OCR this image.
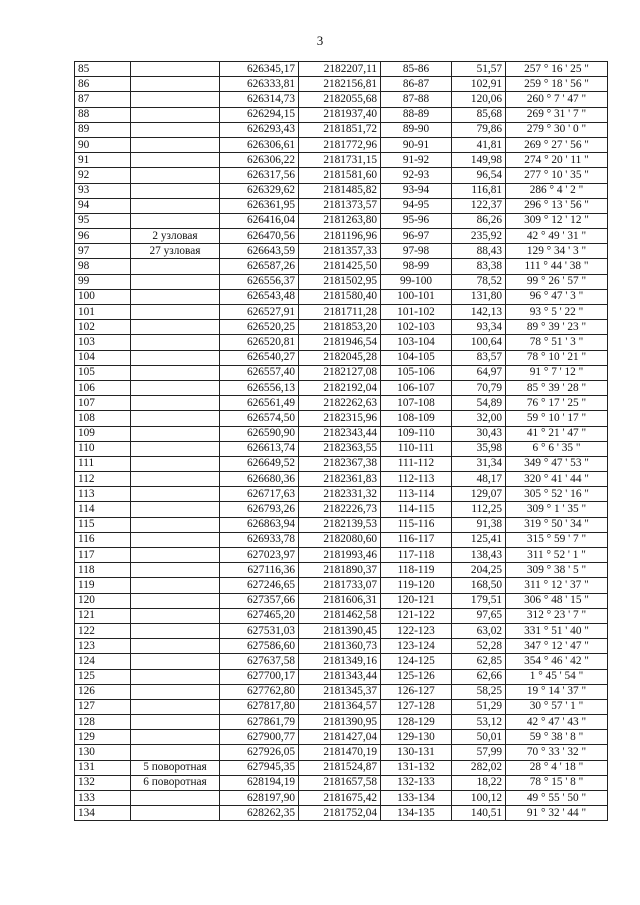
3
85		626345,17	2182207,11	85-86	51,57	257 ° 16 ' 25 "
86		626333,81	2182156,81	86-87	102,91	259 ° 18 ' 56 "
87		626314,73	2182055,68	87-88	120,06	260 ° 7 ' 47 "
88		626294,15	2181937,40	88-89	85,68	269 ° 31 ' 7 "
89		626293,43	2181851,72	89-90	79,86	279 ° 30 ' 0 "
90		626306,61	2181772,96	90-91	41,81	269 ° 27 ' 56 "
91		626306,22	2181731,15	91-92	149,98	274 ° 20 ' 11 "
92		626317,56	2181581,60	92-93	96,54	277 ° 10 ' 35 "
93		626329,62	2181485,82	93-94	116,81	286 ° 4 ' 2 "
94		626361,95	2181373,57	94-95	122,37	296 ° 13 ' 56 "
95		626416,04	2181263,80	95-96	86,26	309 ° 12 ' 12 "
96	2 узловая	626470,56	2181196,96	96-97	235,92	42 ° 49 ' 31 "
97	27 узловая	626643,59	2181357,33	97-98	88,43	129 ° 34 ' 3 "
98		626587,26	2181425,50	98-99	83,38	111 ° 44 ' 38 "
99		626556,37	2181502,95	99-100	78,52	99 ° 26 ' 57 "
100		626543,48	2181580,40	100-101	131,80	96 ° 47 ' 3 "
101		626527,91	2181711,28	101-102	142,13	93 ° 5 ' 22 "
102		626520,25	2181853,20	102-103	93,34	89 ° 39 ' 23 "
103		626520,81	2181946,54	103-104	100,64	78 ° 51 ' 3 "
104		626540,27	2182045,28	104-105	83,57	78 ° 10 ' 21 "
105		626557,40	2182127,08	105-106	64,97	91 ° 7 ' 12 "
106		626556,13	2182192,04	106-107	70,79	85 ° 39 ' 28 "
107		626561,49	2182262,63	107-108	54,89	76 ° 17 ' 25 "
108		626574,50	2182315,96	108-109	32,00	59 ° 10 ' 17 "
109		626590,90	2182343,44	109-110	30,43	41 ° 21 ' 47 "
110		626613,74	2182363,55	110-111	35,98	6 ° 6 ' 35 "
111		626649,52	2182367,38	111-112	31,34	349 ° 47 ' 53 "
112		626680,36	2182361,83	112-113	48,17	320 ° 41 ' 44 "
113		626717,63	2182331,32	113-114	129,07	305 ° 52 ' 16 "
114		626793,26	2182226,73	114-115	112,25	309 ° 1 ' 35 "
115		626863,94	2182139,53	115-116	91,38	319 ° 50 ' 34 "
116		626933,78	2182080,60	116-117	125,41	315 ° 59 ' 7 "
117		627023,97	2181993,46	117-118	138,43	311 ° 52 ' 1 "
118		627116,36	2181890,37	118-119	204,25	309 ° 38 ' 5 "
119		627246,65	2181733,07	119-120	168,50	311 ° 12 ' 37 "
120		627357,66	2181606,31	120-121	179,51	306 ° 48 ' 15 "
121		627465,20	2181462,58	121-122	97,65	312 ° 23 ' 7 "
122		627531,03	2181390,45	122-123	63,02	331 ° 51 ' 40 "
123		627586,60	2181360,73	123-124	52,28	347 ° 12 ' 47 "
124		627637,58	2181349,16	124-125	62,85	354 ° 46 ' 42 "
125		627700,17	2181343,44	125-126	62,66	1 ° 45 ' 54 "
126		627762,80	2181345,37	126-127	58,25	19 ° 14 ' 37 "
127		627817,80	2181364,57	127-128	51,29	30 ° 57 ' 1 "
128		627861,79	2181390,95	128-129	53,12	42 ° 47 ' 43 "
129		627900,77	2181427,04	129-130	50,01	59 ° 38 ' 8 "
130		627926,05	2181470,19	130-131	57,99	70 ° 33 ' 32 "
131	5 поворотная	627945,35	2181524,87	131-132	282,02	28 ° 4 ' 18 "
132	6 поворотная	628194,19	2181657,58	132-133	18,22	78 ° 15 ' 8 "
133		628197,90	2181675,42	133-134	100,12	49 ° 55 ' 50 "
134		628262,35	2181752,04	134-135	140,51	91 ° 32 ' 44 "
